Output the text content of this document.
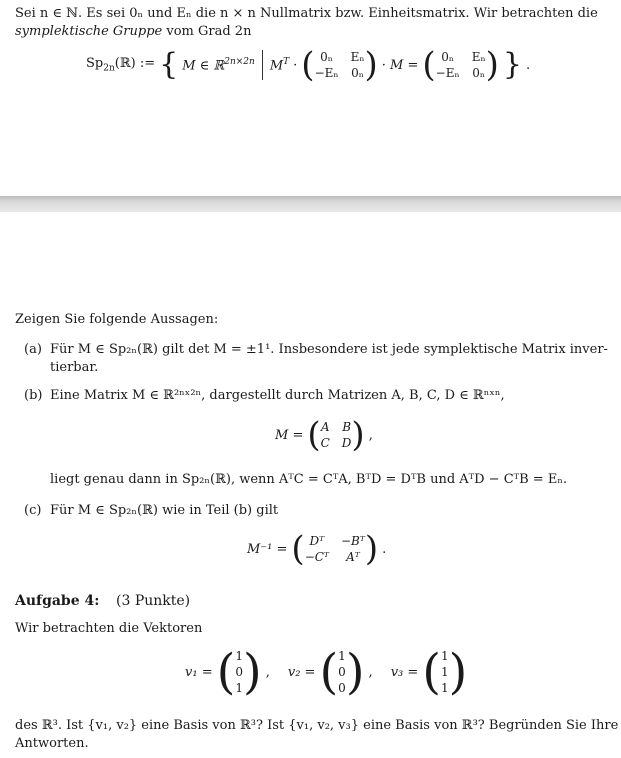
Sei n ∈ ℕ. Es sei 0ₙ und Eₙ die n × n Nullmatrix bzw. Einheitsmatrix. Wir betrachten die
symplektische Gruppe vom Grad 2n
$Sp_{2n}(ℝ)$ := { M ∈ ℝ$^{2n\times 2n}$ $M^T$ · ( 0ₙ	Eₙ
−Eₙ 0ₙ ) · M = ( 0ₙ	Eₙ
−Eₙ 0ₙ ) } .
Zeigen Sie folgende Aussagen:
(a) Für M ∈ Sp₂ₙ(ℝ) gilt det M = ±1¹. Insbesondere ist jede symplektische Matrix inver-
tierbar.
(b) Eine Matrix M ∈ ℝ²ⁿˣ²ⁿ, dargestellt durch Matrizen A, B, C, D ∈ ℝⁿˣⁿ,
M = ( A B
C D ) ,
liegt genau dann in Sp₂ₙ(ℝ), wenn AᵀC = CᵀA, BᵀD = DᵀB und AᵀD − CᵀB = Eₙ.
(c) Für M ∈ Sp₂ₙ(ℝ) wie in Teil (b) gilt
M⁻¹ = ( Dᵀ	−Bᵀ
−Cᵀ	Aᵀ ) .
Aufgabe 4: (3 Punkte)
Wir betrachten die Vektoren
v₁ = ( 1
0
1 ) , v₂ = ( 1
0
0 ) , v₃ = ( 1
1
1 )
des ℝ³. Ist {v₁, v₂} eine Basis von ℝ³? Ist {v₁, v₂, v₃} eine Basis von ℝ³? Begründen Sie Ihre
Antworten.
